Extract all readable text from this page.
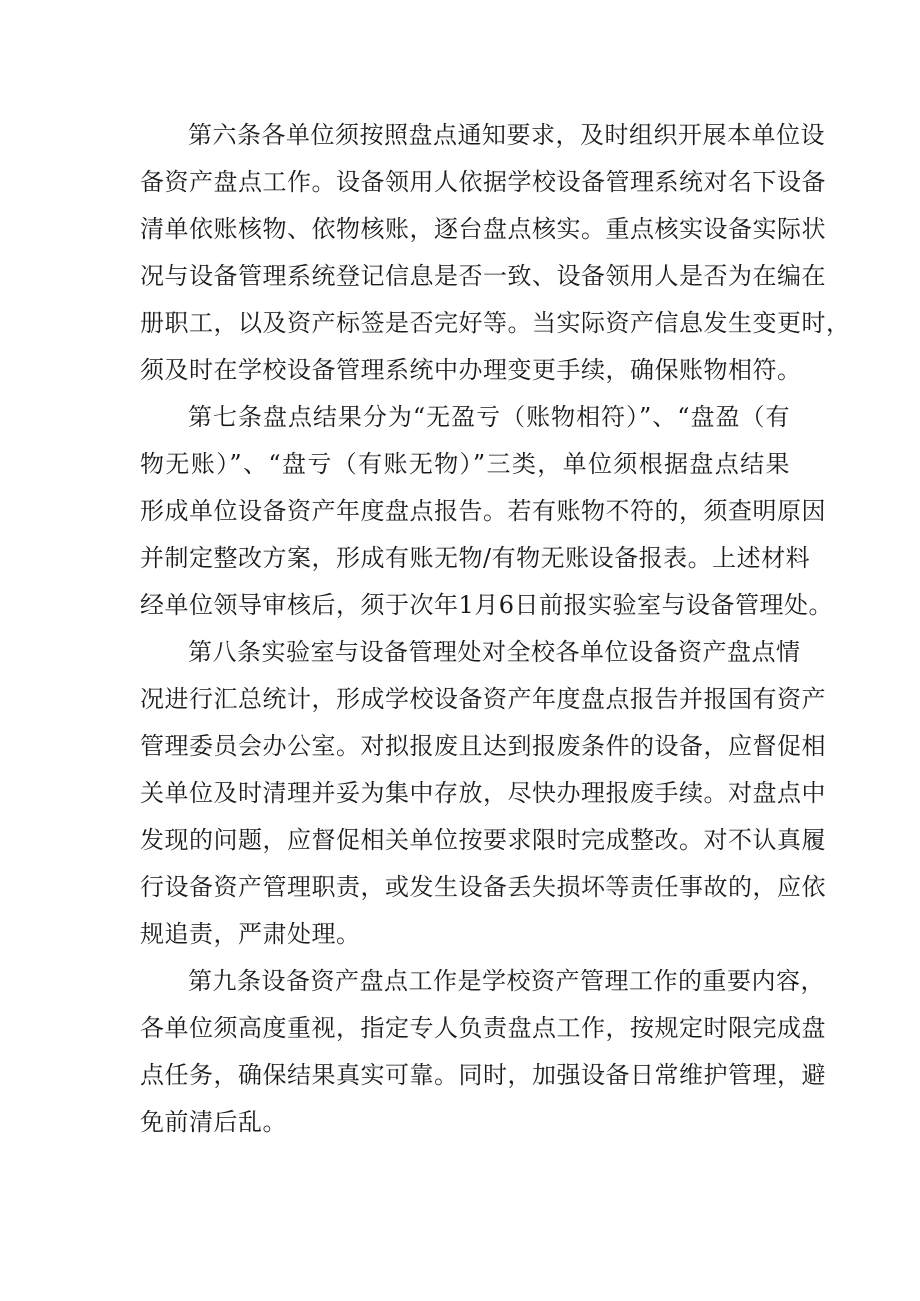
第六条各单位须按照盘点通知要求，及时组织开展本单位设
备资产盘点工作。设备领用人依据学校设备管理系统对名下设备
清单依账核物、依物核账，逐台盘点核实。重点核实设备实际状
况与设备管理系统登记信息是否一致、设备领用人是否为在编在
册职工，以及资产标签是否完好等。当实际资产信息发生变更时，
须及时在学校设备管理系统中办理变更手续，确保账物相符。
第七条盘点结果分为“无盈亏（账物相符）”、“盘盈（有
物无账）”、“盘亏（有账无物）”三类，单位须根据盘点结果
形成单位设备资产年度盘点报告。若有账物不符的，须查明原因
并制定整改方案，形成有账无物/有物无账设备报表。上述材料
经单位领导审核后，须于次年1月6日前报实验室与设备管理处。
第八条实验室与设备管理处对全校各单位设备资产盘点情
况进行汇总统计，形成学校设备资产年度盘点报告并报国有资产
管理委员会办公室。对拟报废且达到报废条件的设备，应督促相
关单位及时清理并妥为集中存放，尽快办理报废手续。对盘点中
发现的问题，应督促相关单位按要求限时完成整改。对不认真履
行设备资产管理职责，或发生设备丢失损坏等责任事故的，应依
规追责，严肃处理。
第九条设备资产盘点工作是学校资产管理工作的重要内容，
各单位须高度重视，指定专人负责盘点工作，按规定时限完成盘
点任务，确保结果真实可靠。同时，加强设备日常维护管理，避
免前清后乱。
